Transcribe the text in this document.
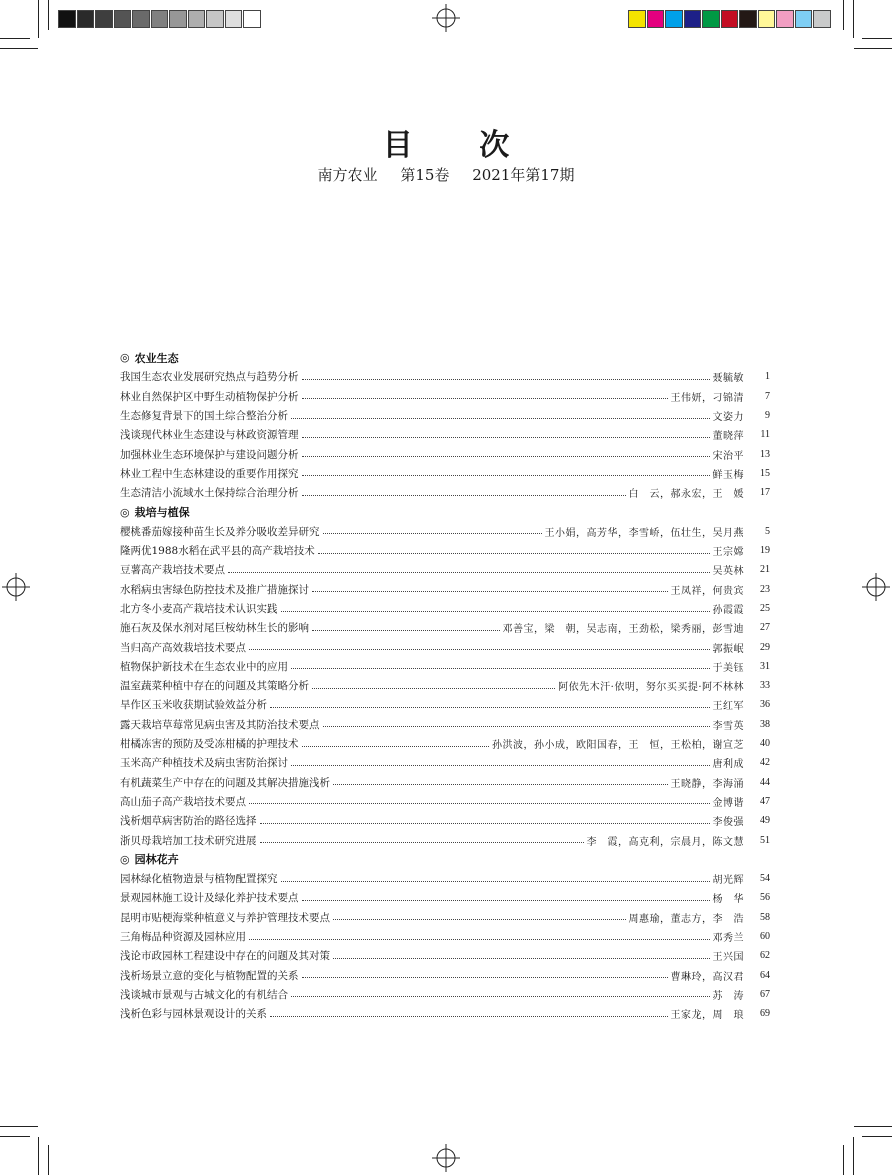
目 次
南方农业 第15卷 2021年第17期
◎ 农业生态
我国生态农业发展研究热点与趋势分析	聂毓敏	1
林业自然保护区中野生动植物保护分析	王伟妍，刁锦清	7
生态修复背景下的国土综合整治分析	文姿力	9
浅谈现代林业生态建设与林政资源管理	董晓萍	11
加强林业生态环境保护与建设问题分析	宋治平	13
林业工程中生态林建设的重要作用探究	鲜玉梅	15
生态清洁小流域水土保持综合治理分析	白　云，郝永宏，王　媛	17
◎ 栽培与植保
樱桃番茄嫁接种苗生长及养分吸收差异研究	王小娟，高芳华，李雪峤，伍壮生，吴月燕	5
隆两优1988水稻在武平县的高产栽培技术	王宗嫦	19
豆薯高产栽培技术要点	吴英林	21
水稻病虫害绿色防控技术及推广措施探讨	王凤祥，何贵宾	23
北方冬小麦高产栽培技术认识实践	孙霞霞	25
施石灰及保水剂对尾巨桉幼林生长的影响	邓善宝，梁　朝，吴志南，王劲松，梁秀丽，彭雪迪	27
当归高产高效栽培技术要点	郭振岷	29
植物保护新技术在生态农业中的应用	于美钰	31
温室蔬菜种植中存在的问题及其策略分析	阿依先木汗·依明，努尔买买提·阿不林林	33
旱作区玉米收获期试验效益分析	王红军	36
露天栽培草莓常见病虫害及其防治技术要点	李雪英	38
柑橘冻害的预防及受冻柑橘的护理技术	孙洪波，孙小成，欧阳国春，王　恒，王松柏，谢宣芝	40
玉米高产种植技术及病虫害防治探讨	唐利成	42
有机蔬菜生产中存在的问题及其解决措施浅析	王晓静，李海涌	44
高山茄子高产栽培技术要点	金博谐	47
浅析烟草病害防治的路径选择	李俊强	49
浙贝母栽培加工技术研究进展	李　霞，高克利，宗晨月，陈文慧	51
◎ 园林花卉
园林绿化植物造景与植物配置探究	胡光辉	54
景观园林施工设计及绿化养护技术要点	杨　华	56
昆明市贴梗海棠种植意义与养护管理技术要点	周惠瑜，董志方，李　浩	58
三角梅品种资源及园林应用	邓秀兰	60
浅论市政园林工程建设中存在的问题及其对策	王兴国	62
浅析场景立意的变化与植物配置的关系	曹琳玲，高汉君	64
浅谈城市景观与古城文化的有机结合	苏　涛	67
浅析色彩与园林景观设计的关系	王家龙，周　琅	69
